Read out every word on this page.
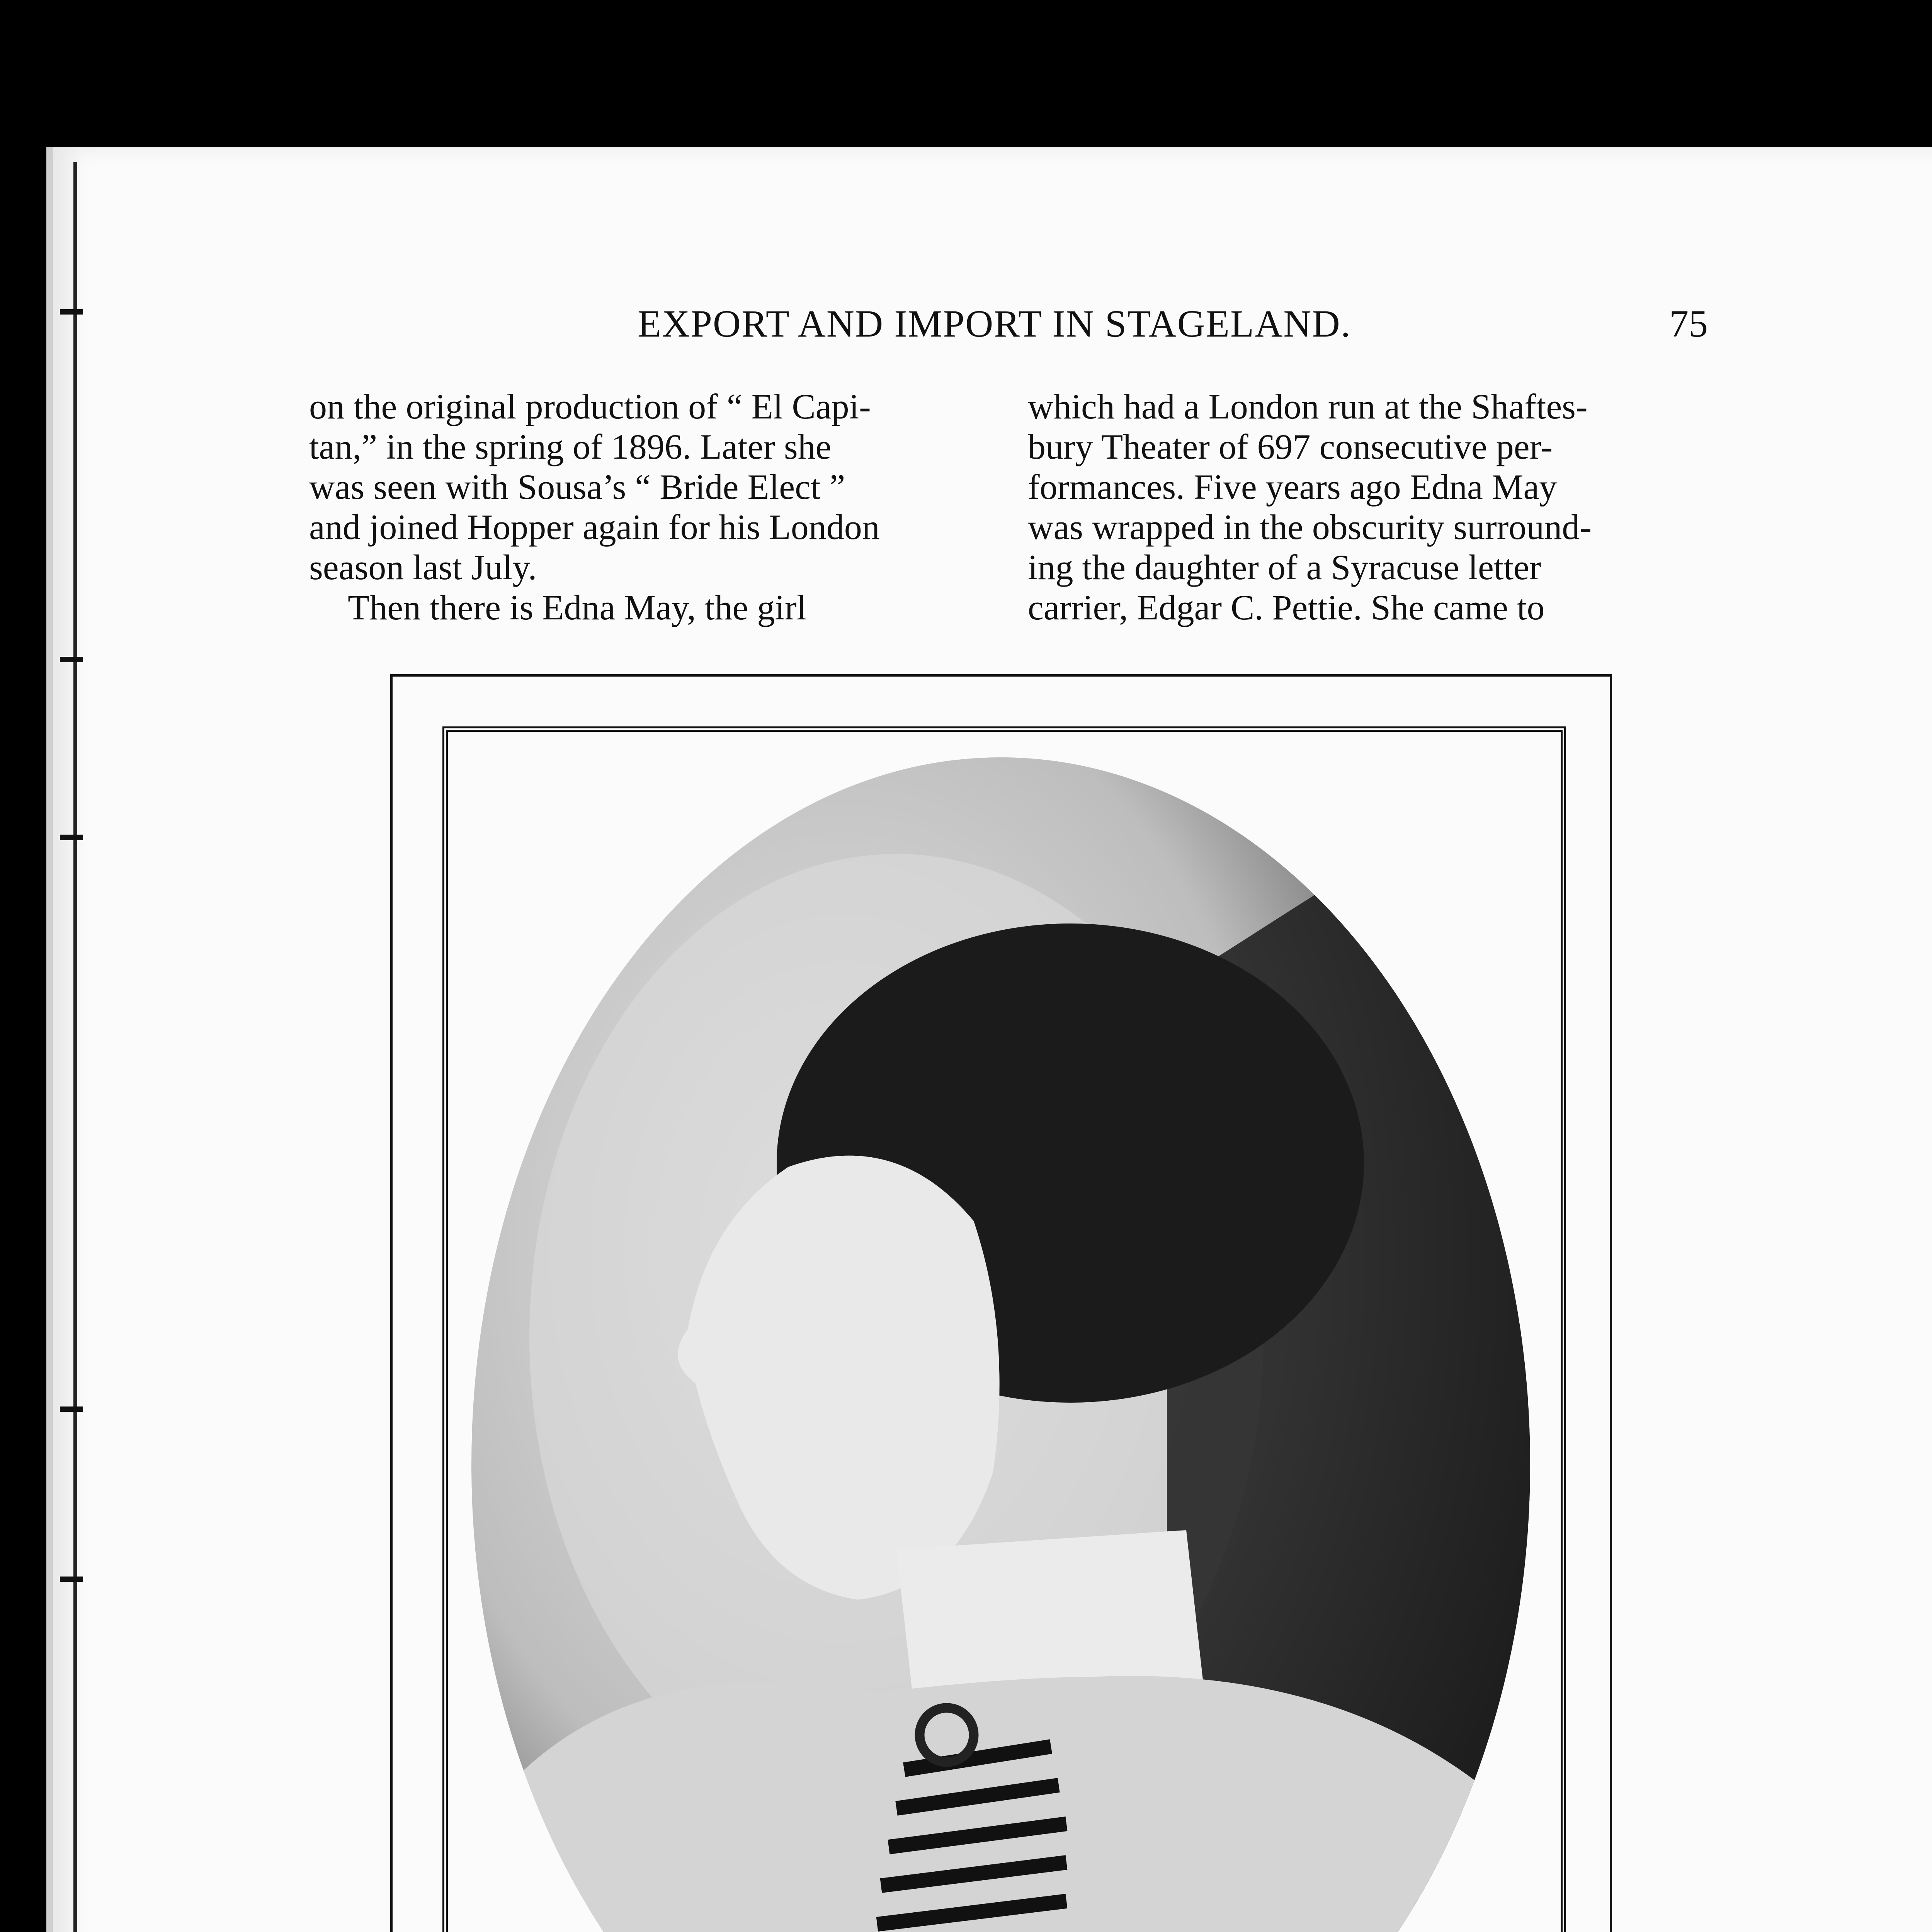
EXPORT AND IMPORT IN STAGELAND.	75

on the original production of “ El Capi-

tan,” in the spring of 1896. Later she

was seen with Sousa’s “ Bride Elect ”

and joined Hopper again for his London

season last July.

Then there is Edna May, the girl

which had a London run at the Shaftes-

bury Theater of 697 consecutive per-

formances. Five years ago Edna May

was wrapped in the obscurity surround-

ing the daughter of a Syracuse letter

carrier, Edgar C. Pettie. She came to
